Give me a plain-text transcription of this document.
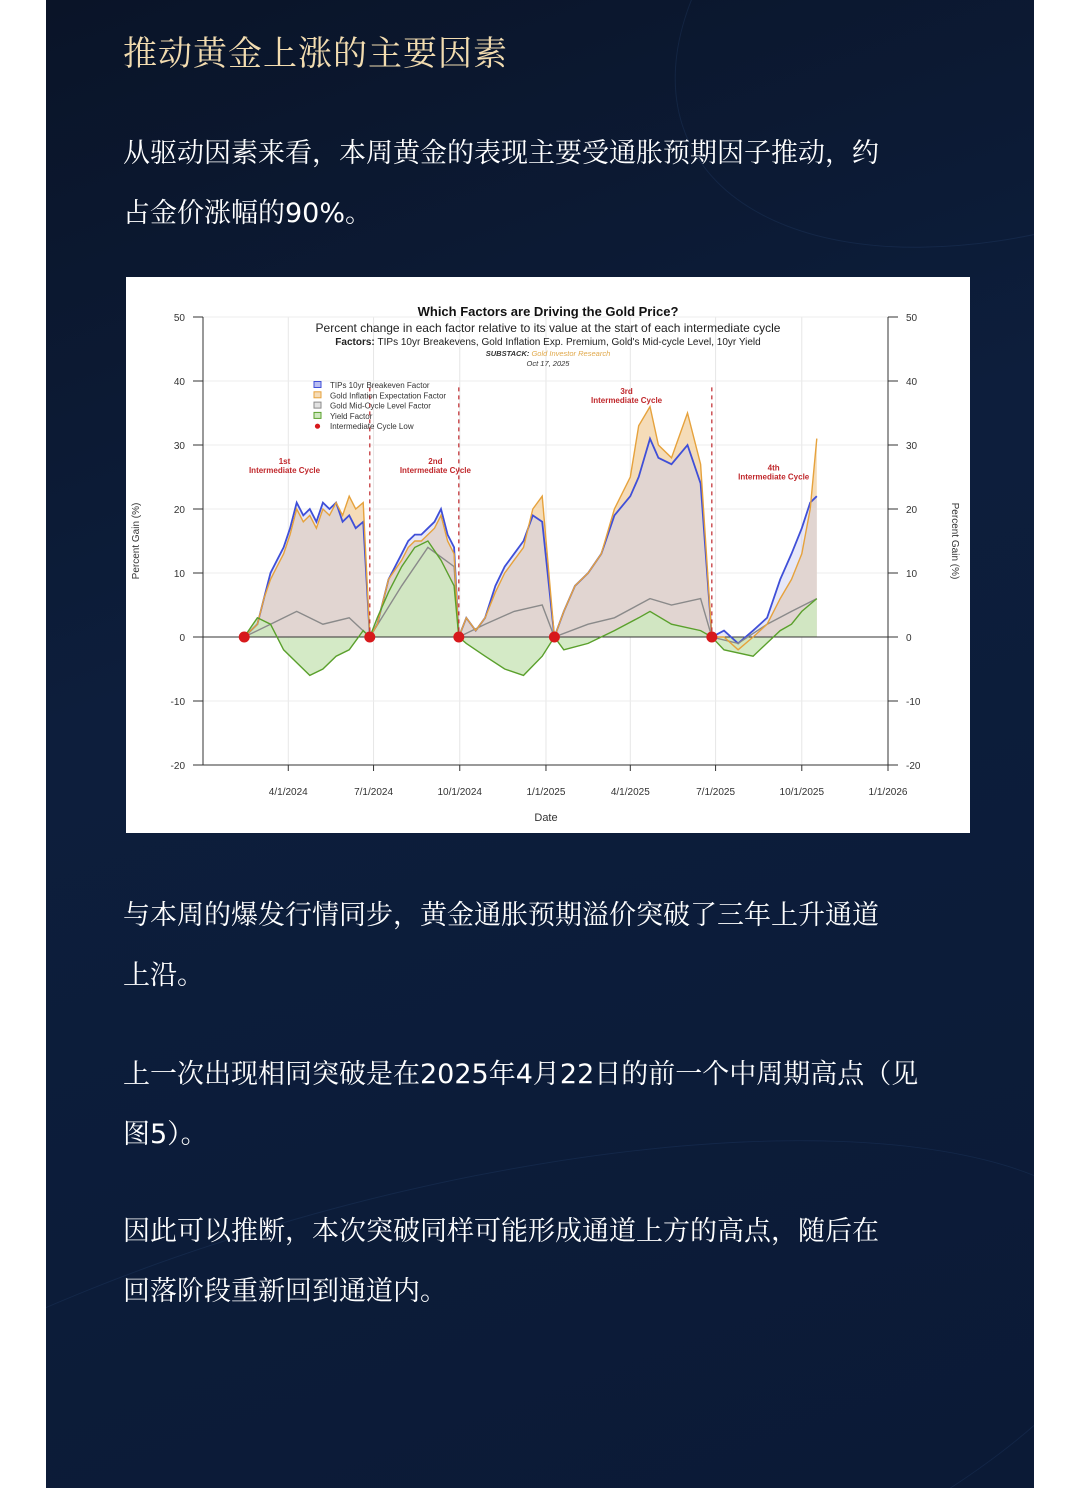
推动黄金上涨的主要因素

从驱动因素来看，本周黄金的表现主要受通胀预期因子推动，约
占金价涨幅的90%。

1st
Intermediate Cycle
2nd
Intermediate Cycle
3rd
Intermediate Cycle
4th
Intermediate Cycle
-20	-20
-10	-10
0	0
10	10
20	20
30	30
40	40
50	50
4/1/2024	7/1/2024	10/1/2024	1/1/2025	4/1/2025	7/1/2025	10/1/2025	1/1/2026
Date
Percent Gain (%)	Percent Gain (%)
Which Factors are Driving the Gold Price?
Percent change in each factor relative to its value at the start of each intermediate cycle
Factors: TIPs 10yr Breakevens, Gold Inflation Exp. Premium, Gold's Mid-cycle Level, 10yr Yield
SUBSTACK: Gold Investor Research
Oct 17, 2025
TIPs 10yr Breakeven Factor
Gold Inflation Expectation Factor
Gold Mid-Cycle Level Factor
Yield Factor
Intermediate Cycle Low

与本周的爆发行情同步，黄金通胀预期溢价突破了三年上升通道
上沿。

上一次出现相同突破是在2025年4月22日的前一个中周期高点（见
图5）。

因此可以推断，本次突破同样可能形成通道上方的高点，随后在
回落阶段重新回到通道内。
